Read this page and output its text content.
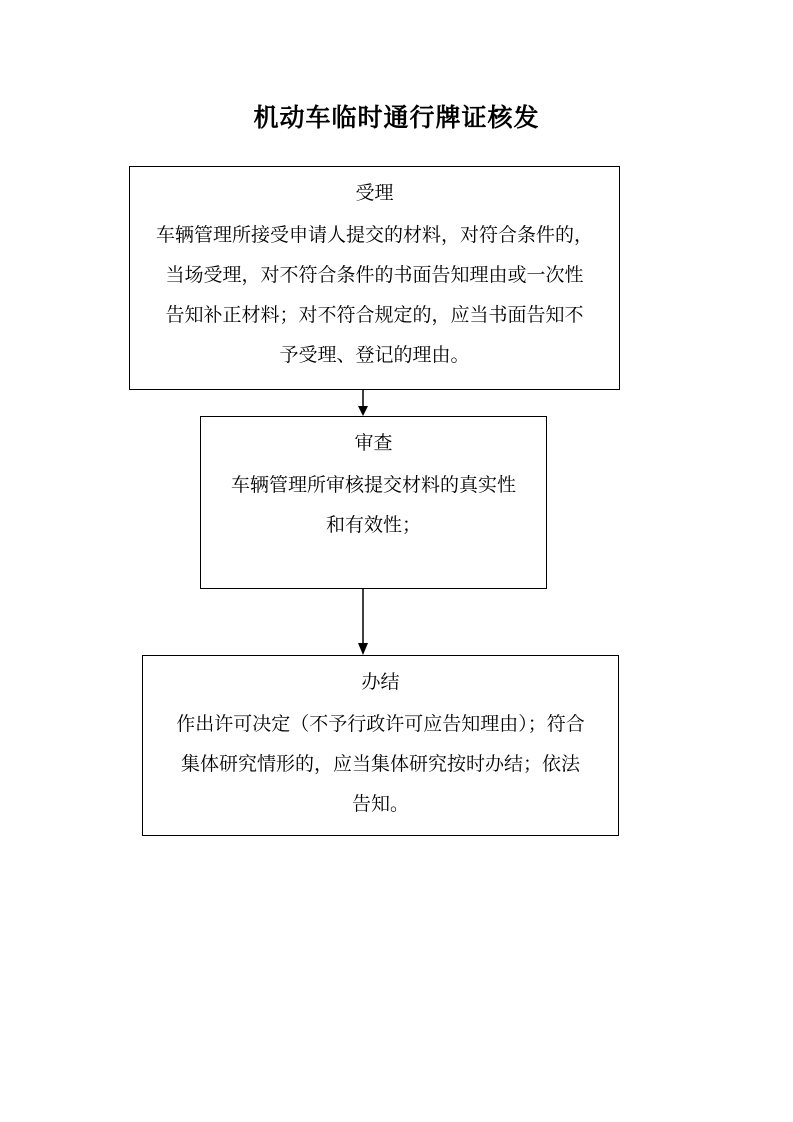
机动车临时通行牌证核发
受理
车辆管理所接受申请人提交的材料，对符合条件的，
当场受理，对不符合条件的书面告知理由或一次性
告知补正材料；对不符合规定的，应当书面告知不
予受理、登记的理由。
审查
车辆管理所审核提交材料的真实性
和有效性；
办结
作出许可决定（不予行政许可应告知理由）；符合
集体研究情形的，应当集体研究按时办结；依法
告知。
